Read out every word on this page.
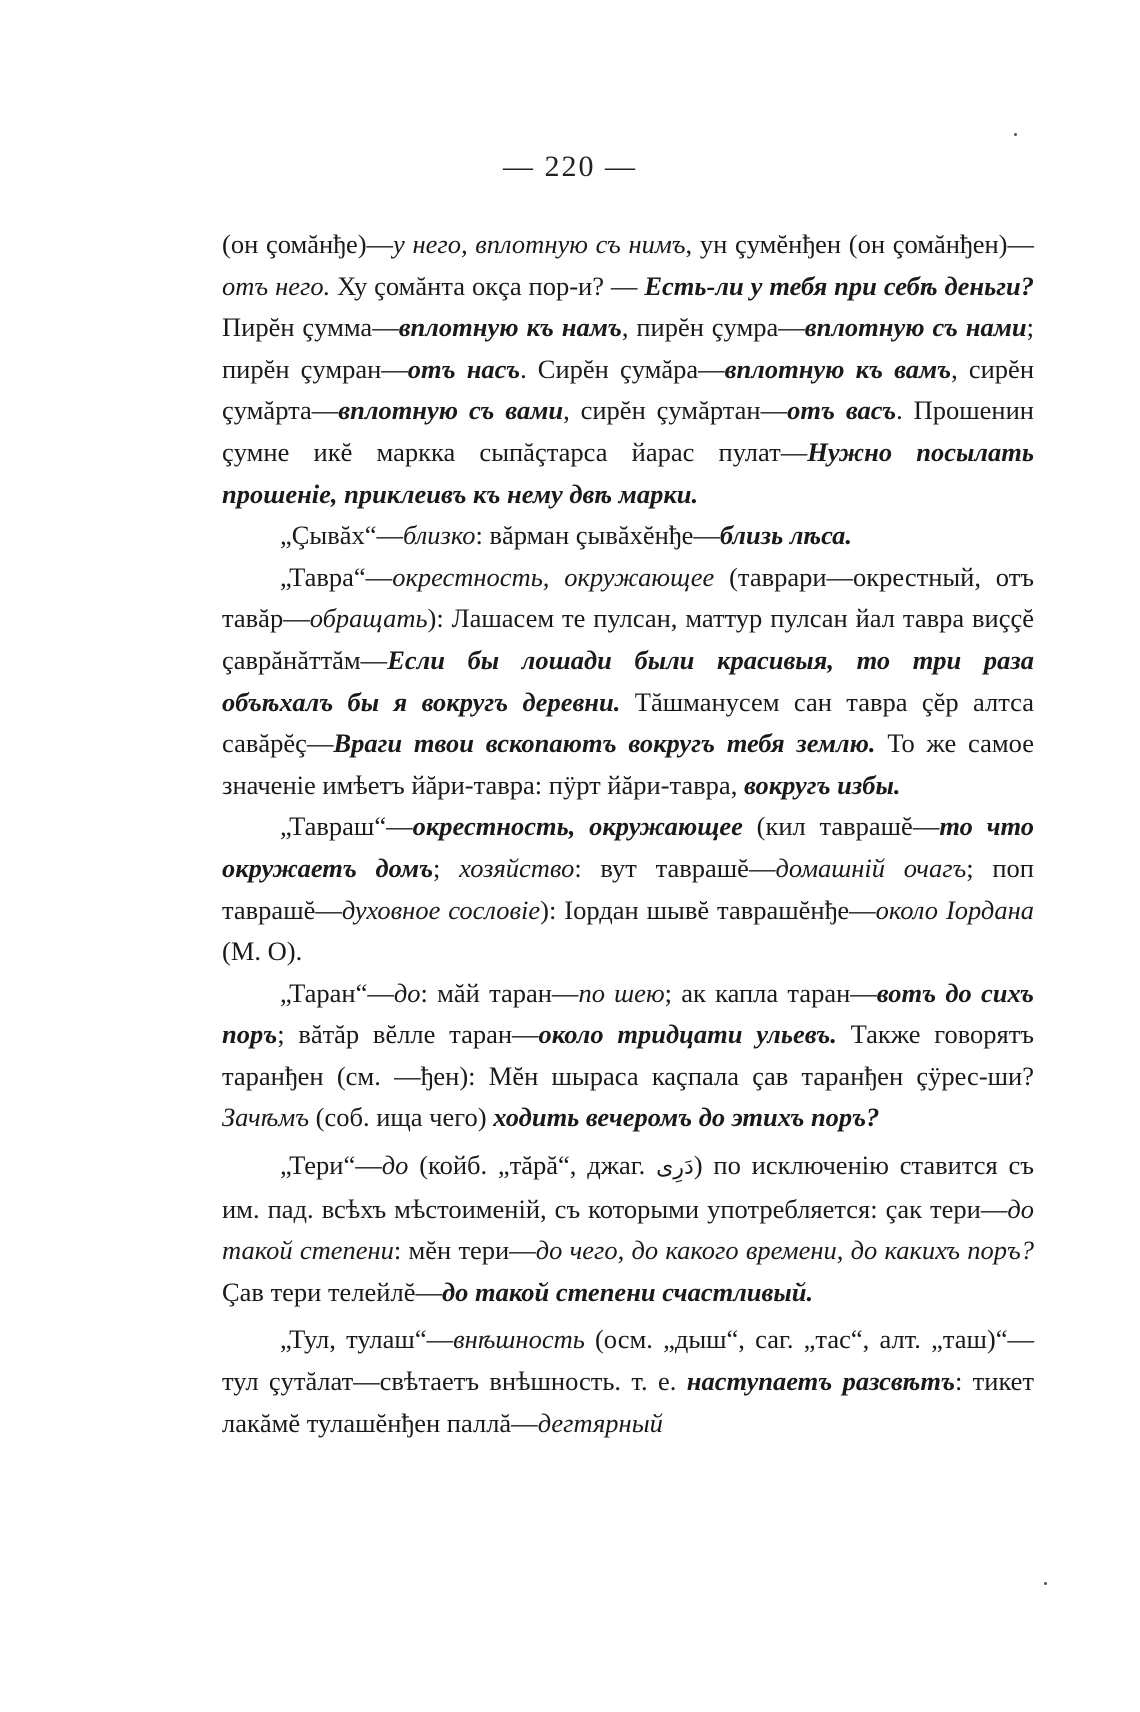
— 220 —

(он çомăнђе)—у него, вплотную съ нимъ, ун çумĕнђен (он çомăнђен)—отъ него. Ху çомăнта окçа пор-и? — Есть-ли у тебя при себѣ деньги? Пирĕн çумма—вплотную къ намъ, пирĕн çумра—вплотную съ нами; пирĕн çумран—отъ насъ. Сирĕн çумăра—вплотную къ вамъ, сирĕн çумăрта—вплотную съ вами, сирĕн çумăртан—отъ васъ. Прошенин çумне икĕ маркка сыпăçтарса йарас пулат—Нужно посылать прошеніе, приклеивъ къ нему двѣ марки.

„Çывăх“—близко: вăрман çывăхĕнђе—близь лѣса.

„Тавра“—окрестность, окружающее (таврари—окрестный, отъ тавăр—обращать): Лашасем те пулсан, маттур пулсан йал тавра виççĕ çаврăнăттăм—Если бы лошади были красивыя, то три раза объѣхалъ бы я вокругъ деревни. Тăшманусем сан тавра çĕр алтса савăрĕç—Враги твои вскопаютъ вокругъ тебя землю. То же самое значеніе имѣетъ йăри-тавра: пÿрт йăри-тавра, вокругъ избы.

„Тавраш“—окрестность, окружающее (кил таврашĕ—то что окружаетъ домъ; хозяйство: вут таврашĕ—домашній очагъ; поп таврашĕ—духовное сословіе): Іордан шывĕ таврашĕнђе—около Іордана (М. О).

„Таран“—до: мăй таран—по шею; ак капла таран—вотъ до сихъ поръ; вăтăр вĕлле таран—около тридцати ульевъ. Также говорятъ таранђен (см. —ђен): Мĕн шыраса каçпала çав таранђен çÿрес-ши? Зачѣмъ (соб. ища чего) ходить вечеромъ до этихъ поръ?

„Тери“—до (койб. „тăрă“, джаг. دَرِى) по исключенію ставится съ им. пад. всѣхъ мѣстоименій, съ которыми употребляется: çак тери—до такой степени: мĕн тери—до чего, до какого времени, до какихъ поръ? Çав тери телейлĕ—до такой степени счастливый.

„Тул, тулаш“—внѣшность (осм. „дыш“, саг. „тас“, алт. „таш)“—тул çутăлат—свѣтаетъ внѣшность. т. е. наступаетъ разсвѣтъ: тикет лакăмĕ тулашĕнђен паллă—дегтярный
